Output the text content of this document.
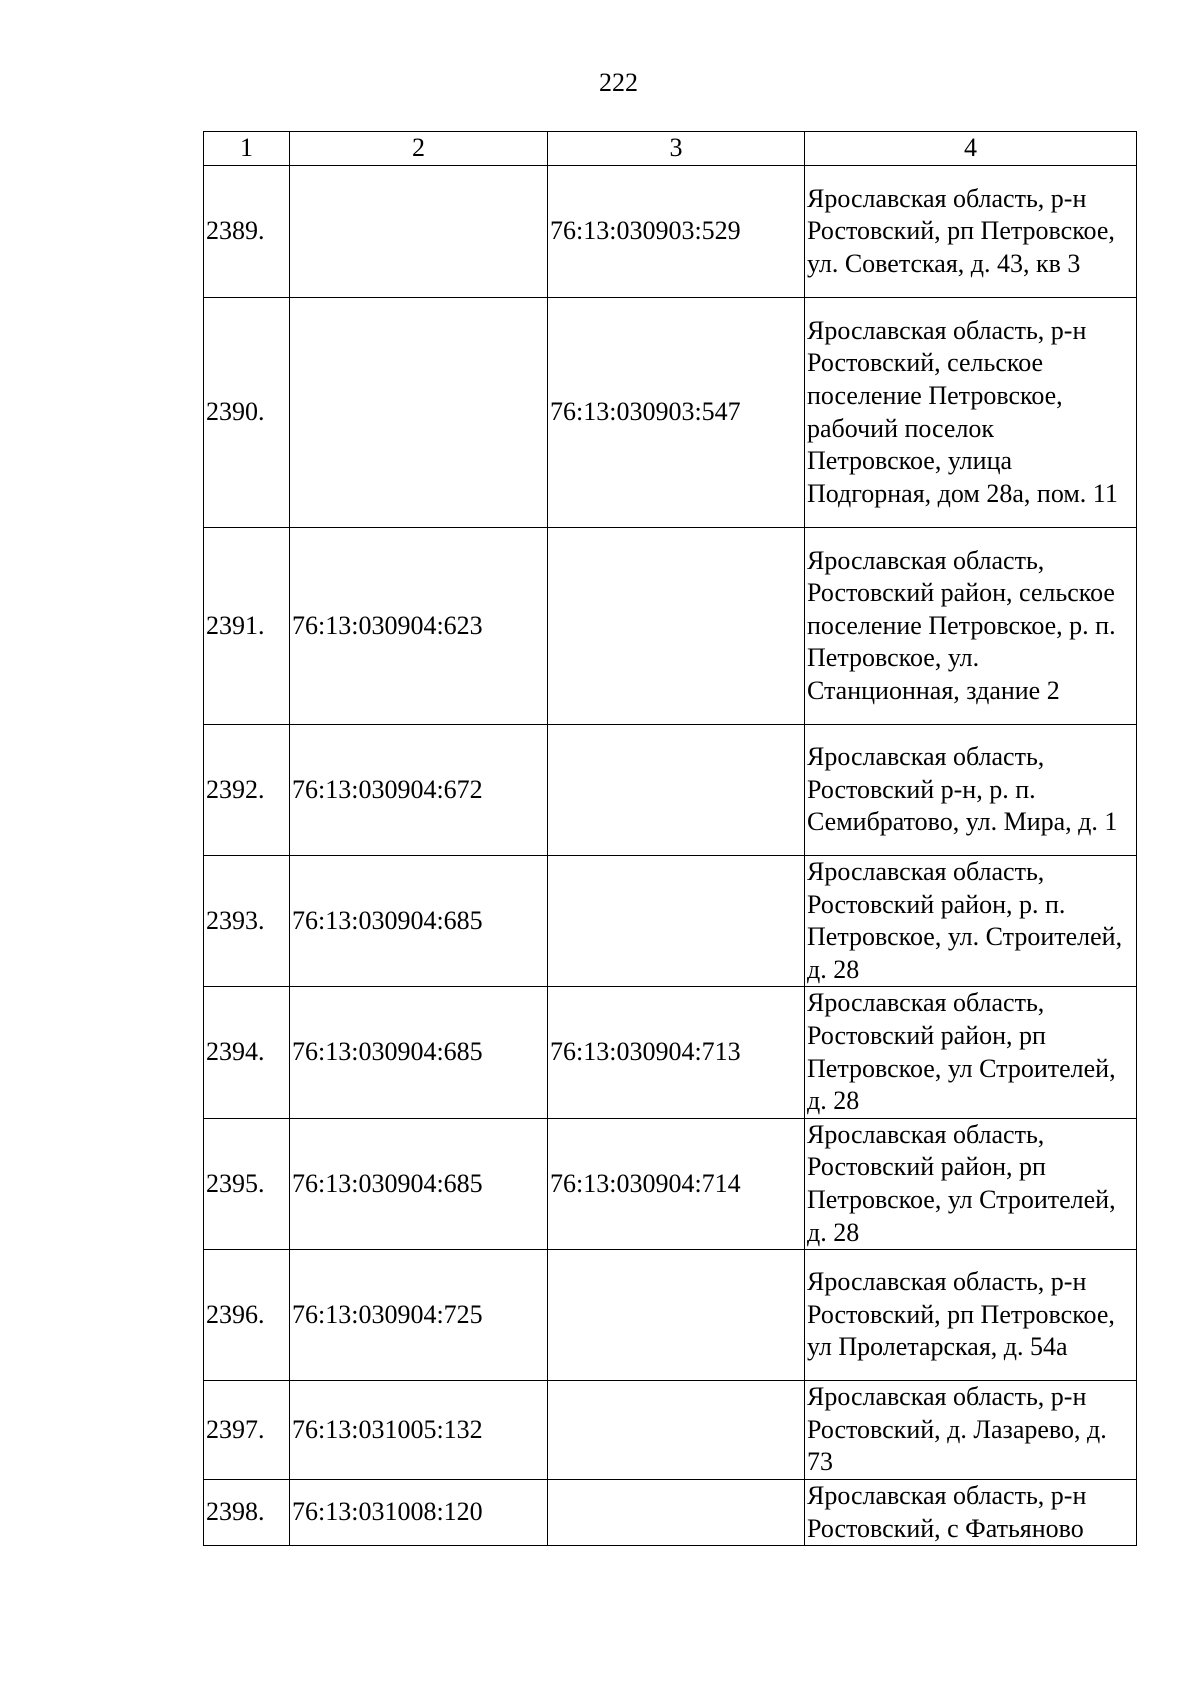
222
1	2	3	4
2389.		76:13:030903:529	Ярославская область, р-н Ростовский, рп Петровское, ул. Советская, д. 43, кв 3
2390.		76:13:030903:547	Ярославская область, р-н Ростовский, сельское поселение Петровское, рабочий поселок Петровское, улица Подгорная, дом 28а, пом. 11
2391.	76:13:030904:623		Ярославская область, Ростовский район, сельское поселение Петровское, р. п. Петровское, ул. Станционная, здание 2
2392.	76:13:030904:672		Ярославская область, Ростовский р-н, р. п. Семибратово, ул. Мира, д. 1
2393.	76:13:030904:685		Ярославская область, Ростовский район, р. п. Петровское, ул. Строителей, д. 28
2394.	76:13:030904:685	76:13:030904:713	Ярославская область, Ростовский район, рп Петровское, ул Строителей, д. 28
2395.	76:13:030904:685	76:13:030904:714	Ярославская область, Ростовский район, рп Петровское, ул Строителей, д. 28
2396.	76:13:030904:725		Ярославская область, р-н Ростовский, рп Петровское, ул Пролетарская, д. 54а
2397.	76:13:031005:132		Ярославская область, р-н Ростовский, д. Лазарево, д. 73
2398.	76:13:031008:120		Ярославская область, р-н Ростовский, с Фатьяново
